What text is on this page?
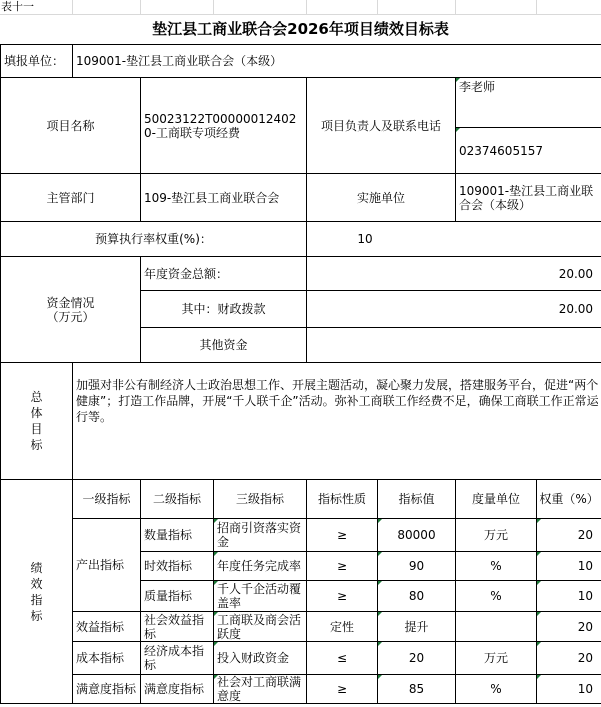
表十一
垫江县工商业联合会2026年项目绩效目标表
填报单位：	109001-垫江县工商业联合会（本级）						
项目名称		50023122T000000124020-工商联专项经费		项目负责人及联系电话		李老师
02374605157	

主管部门		109-垫江县工商业联合会		实施单位		109001-垫江县工商业联合会（本级）	
预算执行率权重(%)：				10			
资金情况
（万元）		年度资金总额：		20.00			
		其中：财政拨款		20.00			
		其他资金					

总体目标	加强对非公有制经济人士政治思想工作、开展主题活动，凝心聚力发展，搭建服务平台，促进“两个健康”；打造工作品牌，开展“千人联千企”活动。弥补工商联工作经费不足，确保工商联工作正常运行等。						

绩效指标	一级指标	二级指标	三级指标	指标性质	指标值	度量单位	权重（%）
	产出指标	数量指标	招商引资落实资金	≥	80000	万元	20
		时效指标	年度任务完成率	≥	90	%	10
		质量指标	千人千企活动覆盖率	≥	80	%	10
	效益指标	社会效益指标	工商联及商会活跃度	定性	提升		20
	成本指标	经济成本指标	投入财政资金	≤	20	万元	20
	满意度指标	满意度指标	社会对工商联满意度	≥	85	%	10
